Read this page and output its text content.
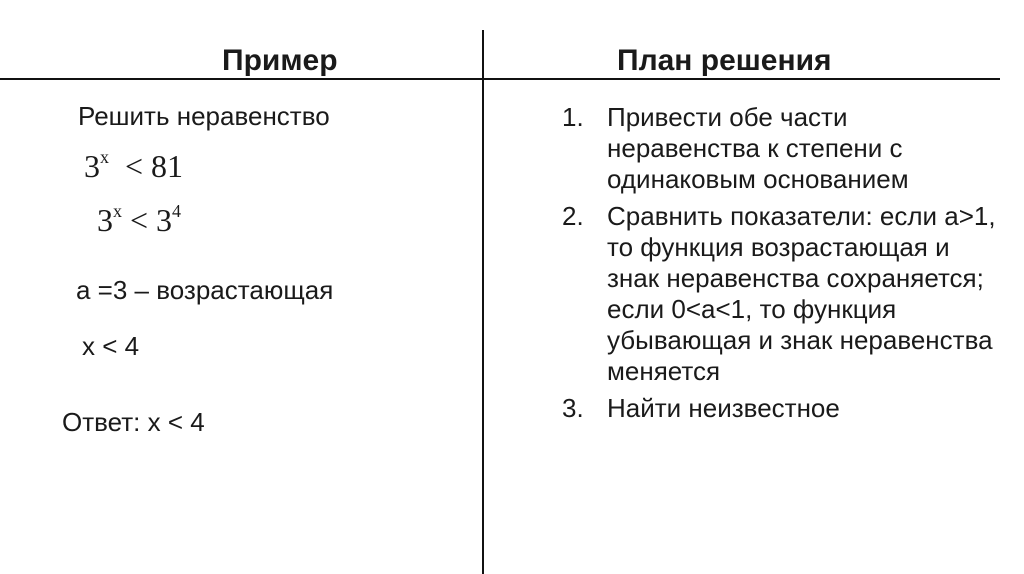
Пример	План решения
Решить неравенство
$3^x < 81$
$3^x < 3^4$
a =3 – возрастающая
x < 4
Ответ: x < 4
1. Привести обе части неравенства к степени с одинаковым основанием
2. Сравнить показатели: если а>1, то функция возрастающая и знак неравенства сохраняется; если 0<а<1, то функция убывающая и знак неравенства меняется
3. Найти неизвестное
